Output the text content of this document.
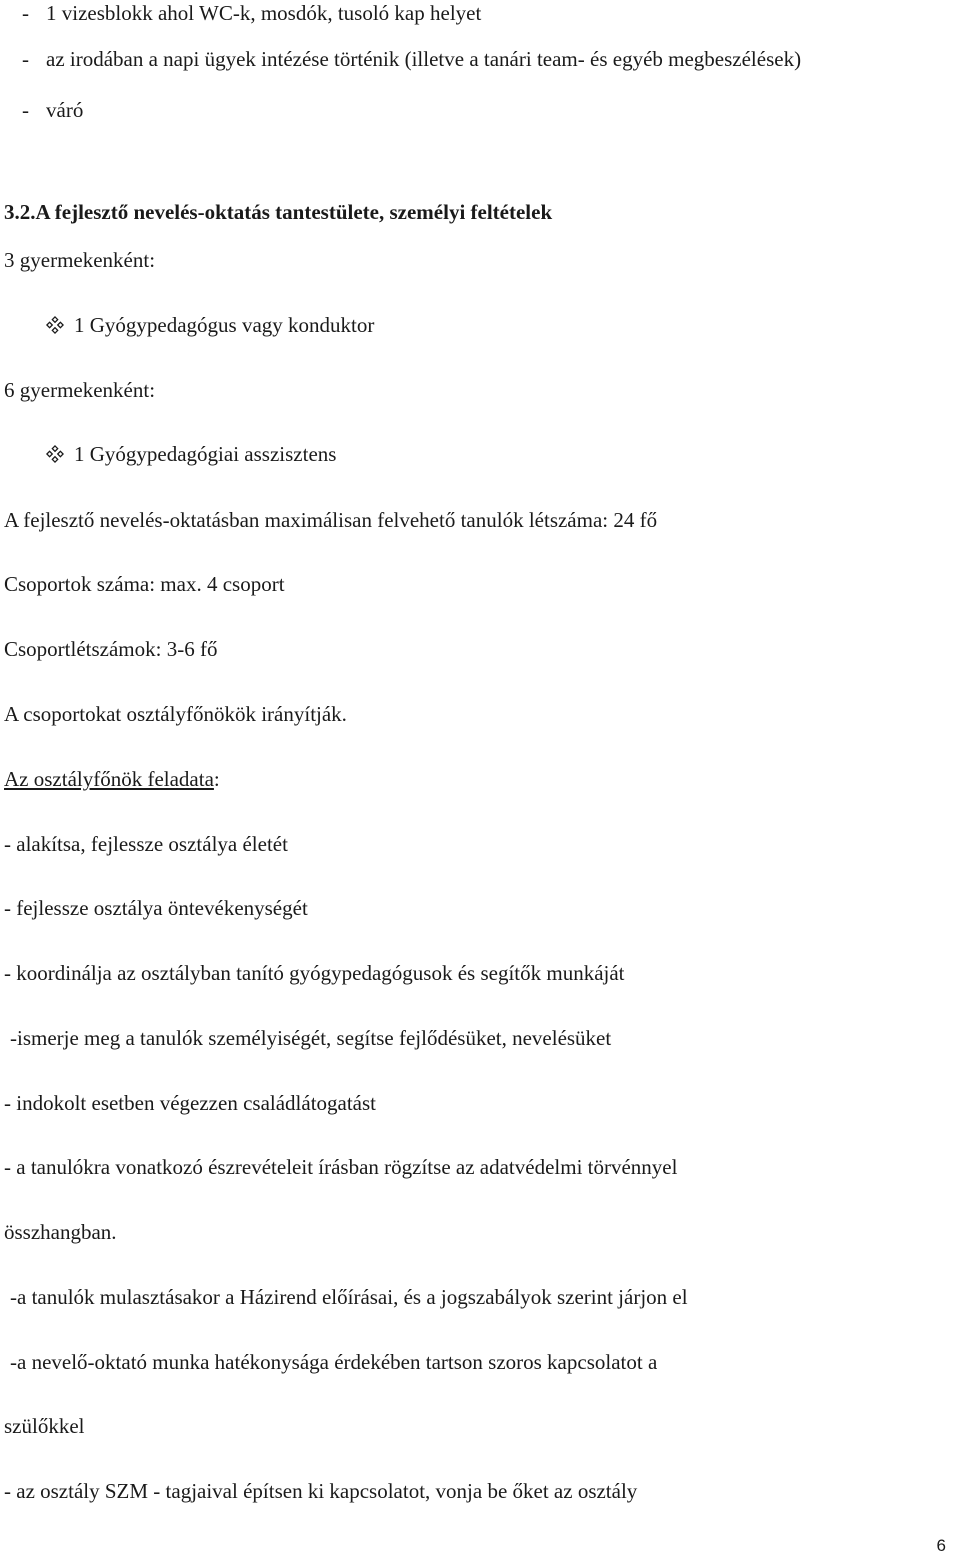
- 1 vizesblokk ahol WC-k, mosdók, tusoló kap helyet
- az irodában a napi ügyek intézése történik (illetve a tanári team- és egyéb megbeszélések)
- váró
3.2.A fejlesztő nevelés-oktatás tantestülete, személyi feltételek
3 gyermekenként:
1 Gyógypedagógus vagy konduktor
6 gyermekenként:
1 Gyógypedagógiai asszisztens
A fejlesztő nevelés-oktatásban maximálisan felvehető tanulók létszáma: 24 fő
Csoportok száma: max. 4 csoport
Csoportlétszámok: 3-6 fő
A csoportokat osztályfőnökök irányítják.
Az osztályfőnök feladata:
- alakítsa, fejlessze osztálya életét
- fejlessze osztálya öntevékenységét
- koordinálja az osztályban tanító gyógypedagógusok és segítők munkáját
-ismerje meg a tanulók személyiségét, segítse fejlődésüket, nevelésüket
- indokolt esetben végezzen családlátogatást
- a tanulókra vonatkozó észrevételeit írásban rögzítse az adatvédelmi törvénnyel
összhangban.
-a tanulók mulasztásakor a Házirend előírásai, és a jogszabályok szerint járjon el
-a nevelő-oktató munka hatékonysága érdekében tartson szoros kapcsolatot a
szülőkkel
- az osztály SZM - tagjaival építsen ki kapcsolatot, vonja be őket az osztály
6
